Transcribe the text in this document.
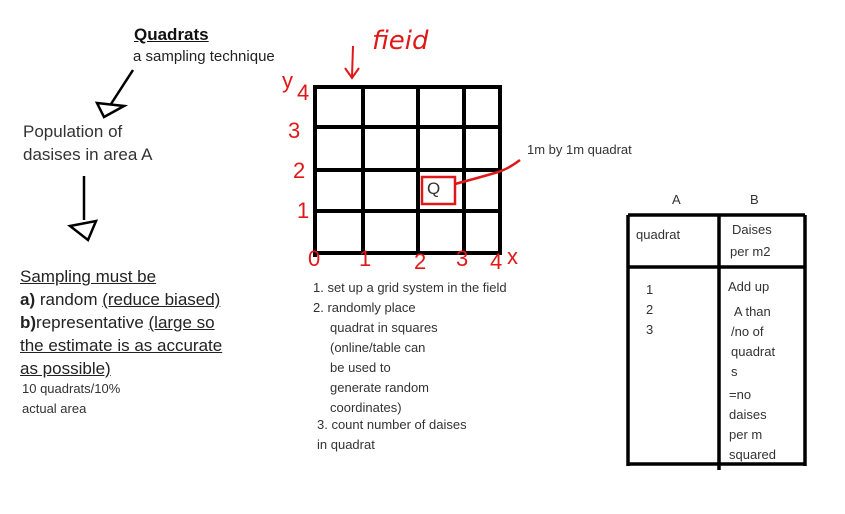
Quadrats
a sampling technique
Population of
dasises in area A
Sampling must be
a) random (reduce biased)
b)representative (large so
the estimate is as accurate
as possible)
10 quadrats/10%
actual area
fieid
y 4
3
2
1
0 1 2 3 4 x
Q
1m by 1m quadrat
1. set up a grid system in the field
2. randomly place
quadrat in squares
(online/table can
be used to
generate random
coordinates)
3. count number of daises
in quadrat
A	B
quadrat	Daises
per m2
1
2
3
Add up
A than
/no of
quadrat
s
=no
daises
per m
squared
